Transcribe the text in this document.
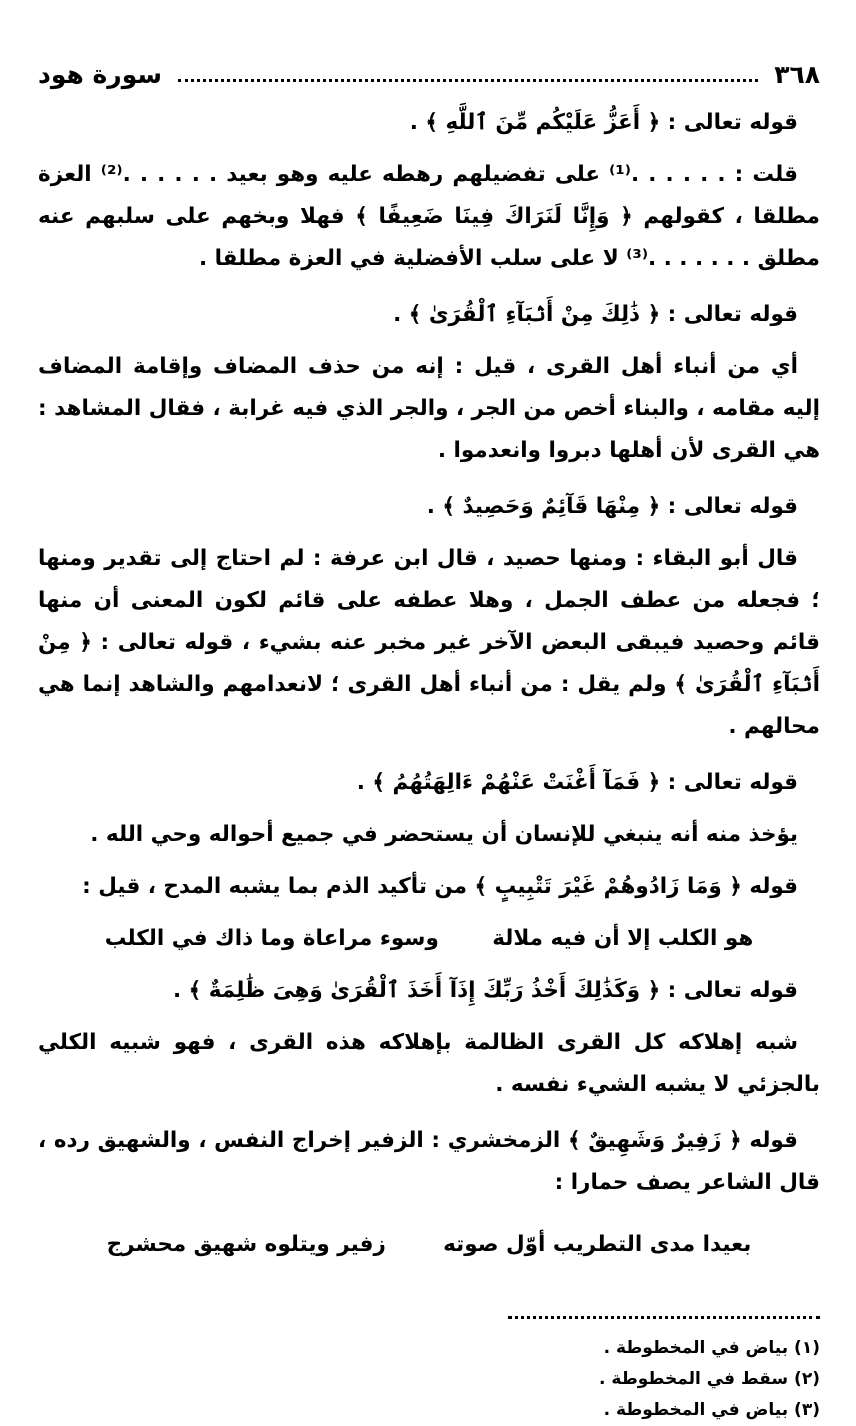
٣٦٨
سورة هود

قوله تعالى : ﴿ أَعَزُّ عَلَيْكُم مِّنَ ٱللَّهِ ﴾ .

قلت : . . . . . .⁽¹⁾ على تفضيلهم رهطه عليه وهو بعيد . . . . . .⁽²⁾ العزة مطلقا ، كقولهم ﴿ وَإِنَّا لَنَرَاكَ فِينَا ضَعِيفًا ﴾ فهلا وبخهم على سلبهم عنه مطلق . . . . . . .⁽³⁾ لا على سلب الأفضلية في العزة مطلقا .

قوله تعالى : ﴿ ذَٰلِكَ مِنْ أَنۢبَآءِ ٱلْقُرَىٰ ﴾ .

أي من أنباء أهل القرى ، قيل : إنه من حذف المضاف وإقامة المضاف إليه مقامه ، والبناء أخص من الجر ، والجر الذي فيه غرابة ، فقال المشاهد : هي القرى لأن أهلها دبروا وانعدموا .

قوله تعالى : ﴿ مِنْهَا قَآئِمٌ وَحَصِيدٌ ﴾ .

قال أبو البقاء : ومنها حصيد ، قال ابن عرفة : لم احتاج إلى تقدير ومنها ؛ فجعله من عطف الجمل ، وهلا عطفه على قائم لكون المعنى أن منها قائم وحصيد فيبقى البعض الآخر غير مخبر عنه بشيء ، قوله تعالى : ﴿ مِنْ أَنۢبَآءِ ٱلْقُرَىٰ ﴾ ولم يقل : من أنباء أهل القرى ؛ لانعدامهم والشاهد إنما هي محالهم .

قوله تعالى : ﴿ فَمَآ أَغْنَتْ عَنْهُمْ ءَالِهَتُهُمُ ﴾ .

يؤخذ منه أنه ينبغي للإنسان أن يستحضر في جميع أحواله وحي الله .

قوله ﴿ وَمَا زَادُوهُمْ غَيْرَ تَتْبِيبٍ ﴾ من تأكيد الذم بما يشبه المدح ، قيل :

هو الكلب إلا أن فيه ملالة
وسوء مراعاة وما ذاك في الكلب

قوله تعالى : ﴿ وَكَذَٰلِكَ أَخْذُ رَبِّكَ إِذَآ أَخَذَ ٱلْقُرَىٰ وَهِىَ ظَٰلِمَةٌ ﴾ .

شبه إهلاكه كل القرى الظالمة بإهلاكه هذه القرى ، فهو شبيه الكلي بالجزئي لا يشبه الشيء نفسه .

قوله ﴿ زَفِيرٌ وَشَهِيقٌ ﴾ الزمخشري : الزفير إخراج النفس ، والشهيق رده ، قال الشاعر يصف حمارا :

بعيدا مدى التطريب أوّل صوته
زفير ويتلوه شهيق محشرج
(١) بياض في المخطوطة .
(٢) سقط في المخطوطة .
(٣) بياض في المخطوطة .
